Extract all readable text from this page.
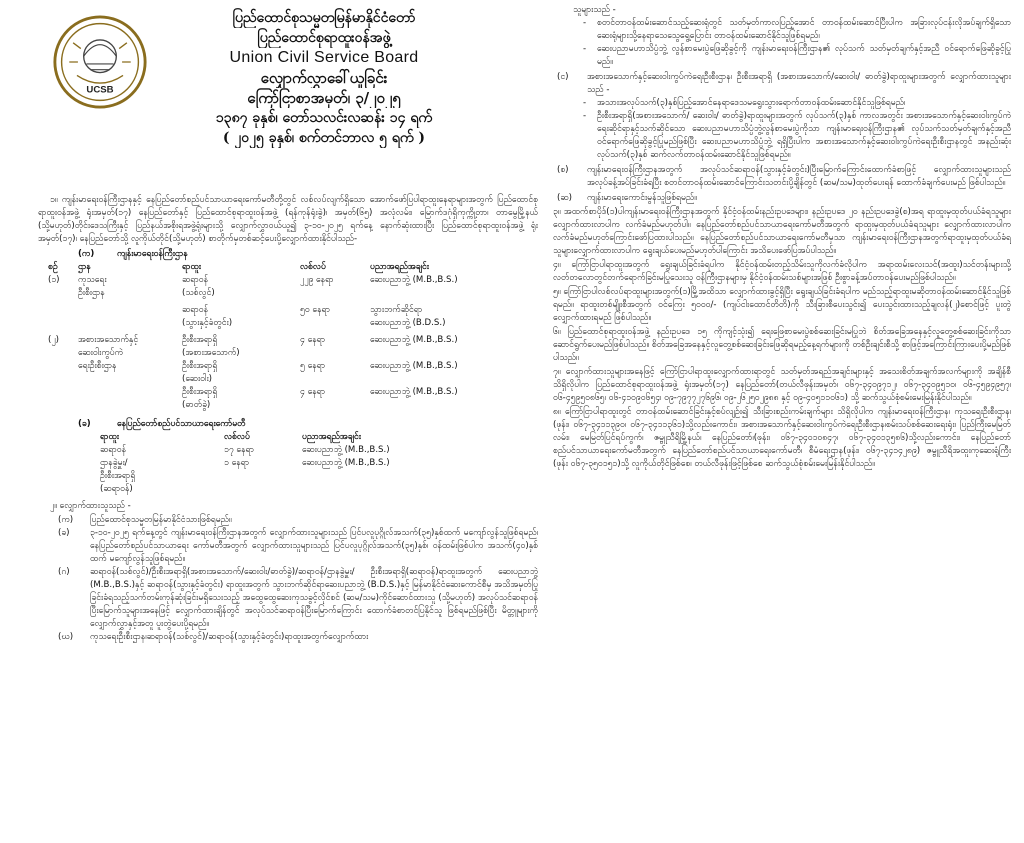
UCSB
ပြည်ထောင်စုသမ္မတမြန်မာနိုင်ငံတော်
ပြည်ထောင်စုရာထူးဝန်အဖွဲ့
Union Civil Service Board
လျှောက်လွှာခေါ်ယူခြင်း
ကြော်ငြာစာအမှတ်၊ ၃/၂၀၂၅
၁၃၈၇ ခုနှစ်၊ တော်သလင်းလဆန်း ၁၄ ရက်
( ၂၀၂၅ ခုနှစ်၊ စက်တင်ဘာလ ၅ ရက် )

၁။ ကျန်းမာရေးဝန်ကြီးဌာနနှင့် နေပြည်တော်စည်ပင်သာယာရေးကော်မတီတို့တွင် လစ်လပ်လျက်ရှိသော အောက်ဖော်ပြပါရာထူးနေရာများအတွက် ပြည်ထောင်စုရာထူးဝန်အဖွဲ့ ရုံးအမှတ်(၁၇) နေပြည်တော်နှင့် ပြည်ထောင်စုရာထူးဝန်အဖွဲ့ (ရန်ကုန်ရုံးခွဲ)၊ အမှတ်(၆၅) အလုံလမ်း၊ မြောက်ဒဂုံရှိကုက္ကို့တာ၊ တာမွေမြို့နယ် (သို့မဟုတ်)တိုင်းဒေသကြီးနှင့် ပြည်နယ်အစိုးရအဖွဲ့ရုံးများသို့ လျှောက်လွှာဝယ်ယူ၍ ၃-၁၀-၂၀၂၅ ရက်နေ့ နောက်ဆုံးထားပြီး ပြည်ထောင်စုရာထူးဝန်အဖွဲ့ ရုံးအမှတ်(၁၇)၊ နေပြည်တော်သို့ လူကိုယ်တိုင်(သို့မဟုတ်) စာတိုက်မှတစ်ဆင့်ပေးပို့လျှောက်ထားနိုင်ပါသည်-

(က)	ကျန်းမာရေးဝန်ကြီးဌာန
စဉ်	ဌာန	ရာထူး	လစ်လပ်	ပညာအရည်အချင်း
(၁)	ကုသရေး	ဆရာဝန်	၂၂၉ နေရာ	ဆေးပညာဘွဲ့ (M.B.,B.S.)
ဦးစီးဌာန	(သစ်လွင်)
ဆရာဝန်	၅၀ နေရာ	သွားဘက်ဆိုင်ရာ
(သွားနှင့်ခံတွင်း)	ဆေးပညာဘွဲ့ (B.D.S.)
(၂)	အစားအသောက်နှင့်	ဦးစီးအရာရှိ	၄ နေရာ	ဆေးပညာဘွဲ့ (M.B.,B.S.)
ဆေးဝါးကွပ်ကဲ	(အစားအသောက်)
ရေးဦးစီးဌာန	ဦးစီးအရာရှိ	၅ နေရာ	ဆေးပညာဘွဲ့ (M.B.,B.S.)
(ဆေးဝါး)
ဦးစီးအရာရှိ	၄ နေရာ	ဆေးပညာဘွဲ့ (M.B.,B.S.)
(ဓာတ်ခွဲ)
(ခ)	နေပြည်တော်စည်ပင်သာယာရေးကော်မတီ
ရာထူး	လစ်လပ်	ပညာအရည်အချင်း
ဆရာဝန်	၁၇ နေရာ	ဆေးပညာဘွဲ့ (M.B.,B.S.)
ဌာနခွဲမှူး/	၁ နေရာ	ဆေးပညာဘွဲ့ (M.B.,B.S.)
ဦးစီးအရာရှိ
(ဆရာဝန်)

၂။ လျှောက်ထားသူသည် -

(က)	ပြည်ထောင်စုသမ္မတမြန်မာနိုင်ငံသားဖြစ်ရမည်။
(ခ)	၃-၁၀-၂၀၂၅ ရက်နေ့တွင် ကျန်းမာရေးဝန်ကြီးဌာနအတွက် လျှောက်ထားသူများသည် ပြင်ပလူပုဂ္ဂိုလ်အသက်(၃၅)နှစ်ထက် မကျော်လွန်သူဖြစ်ရမည်၊ နေပြည်တော်စည်ပင်သာယာရေး ကော်မတီအတွက် လျှောက်ထားသူများသည် ပြင်ပလူပုဂ္ဂိုလ်အသက်(၃၅)နှစ်၊ ဝန်ထမ်းဖြစ်ပါက အသက်(၄၀)နှစ်ထက် မကျော်လွန်သူဖြစ်ရမည်။
(ဂ)	ဆရာဝန်(သစ်လွင်)/ဦးစီးအရာရှိ(အစားအသောက်/ဆေးဝါး/ဓာတ်ခွဲ)/ဆရာဝန်/ဌာနခွဲမှူး/ ဦးစီးအရာရှိ(ဆရာဝန်)ရာထူးအတွက် ဆေးပညာဘွဲ့ (M.B.,B.S.)နှင့် ဆရာဝန်(သွားနှင့်ခံတွင်း) ရာထူးအတွက် သွားဘက်ဆိုင်ရာဆေးပညာဘွဲ့ (B.D.S.)နှင့် မြန်မာနိုင်ငံဆေးကောင်စီမှ အသိအမှတ်ပြုခြင်းခံရသည့်သက်တမ်းကုန်ဆုံးခြင်းမရှိသေးသည့် အထွေထွေဆေးကုသခွင့်လိုင်စင် (ဆမ/သမ)ကိုင်ဆောင်ထားသူ (သို့မဟုတ်) အလုပ်သင်ဆရာဝန်ပြီးမြောက်သူများအနေဖြင့် လျှောက်ထားချိန်တွင် အလုပ်သင်ဆရာဝန်ပြီးမြောက်ကြောင်း ထောက်ခံစာတင်ပြနိုင်သူ ဖြစ်ရမည်ဖြစ်ပြီး မိတ္တူများကို လျှောက်လွှာနှင့်အတူ ပူးတွဲပေးပို့ရမည်။
(ဃ)	ကုသရေးဦးစီးဌာန၊ဆရာဝန်(သစ်လွင်)/ဆရာဝန်(သွားနှင့်ခံတွင်း)ရာထူးအတွက်လျှောက်ထား
သူများသည် -
-	စတင်တာဝန်ထမ်းဆောင်သည့်ဆေးရုံတွင် သတ်မှတ်ကာလပြည့်အောင် တာဝန်ထမ်းဆောင်ပြီးပါက အခြားလုပ်ငန်းလိုအပ်ချက်ရှိသောဆေးရုံများသို့နေရာသေသွေရွေ့ပြောင်း တာဝန်ထမ်းဆောင်နိုင်သူဖြစ်ရမည်၊
-	ဆေးပညာမဟာသိပ္ပံဘွဲ့ လွန်စာမေးပွဲဖြေဆိုခွင့်ကို ကျန်းမာရေးဝန်ကြီးဌာန၏ လုပ်သက် သတ်မှတ်ချက်နှင့်အညီ ဝင်ရောက်ဖြေဆိုခွင့်ပြုမည်။
(င)	အစားအသောက်နှင့်ဆေးဝါးကွပ်ကဲရေးဦးစီးဌာန၊ ဦးစီးအရာရှိ (အစားအသောက်/ဆေးဝါး/ ဓာတ်ခွဲ)ရာထူးများအတွက် လျှောက်ထားသူများသည် -
-	အသားအလုပ်သက်(၃)နှစ်ပြည့်အောင်နေရာဒေသမရွေးသွားရောက်တာဝန်ထမ်းဆောင်နိုင်သူဖြစ်ရမည်၊
-	ဦးစီးအရာရှိ(အစားအသောက်/ ဆေးဝါး/ ဓာတ်ခွဲ)ရာထူးများအတွက် လုပ်သက်(၃)နှစ် ကာလအတွင်း အစားအသောက်နှင့်ဆေးဝါးကွပ်ကဲရေးဆိုင်ရာနှင့်သက်ဆိုင်သော ဆေးပညာမဟာသိပ္ပံဘွဲ့လွန်စာမေးပွဲကိုသာ ကျန်းမာရေးဝန်ကြီးဌာန၏ လုပ်သက်သတ်မှတ်ချက်နှင့်အညီ ဝင်ရောက်ဖြေဆိုခွင့်ပြုမည်ဖြစ်ပြီး ဆေးပညာမဟာသိပ္ပံဘွဲ့ ရရှိပြီးပါက အစားအသောက်နှင့်ဆေးဝါးကွပ်ကဲရေးဦးစီးဌာနတွင် အနည်းဆုံးလုပ်သက်(၃)နှစ် ဆက်လက်တာဝန်ထမ်းဆောင်နိုင်သူဖြစ်ရမည်။
(စ)	ကျန်းမာရေးဝန်ကြီးဌာနအတွက် အလုပ်သင်ဆရာဝန်(သွားနှင့်ခံတွင်း)ပြီးမြောက်ကြောင်းထောက်ခံစာဖြင့် လျှောက်ထားသူများသည် အလုပ်ခန့်အပ်ခြင်းခံရပြီး စတင်တာဝန်ထမ်းဆောင်ကြောင်းသတင်းပို့ချိန်တွင် (ဆမ/သမ)ထုတ်ပေးရန် ထောက်ခံချက်ပေးမည် ဖြစ်ပါသည်။
(ဆ)	ကျန်းမာရေးကောင်းမွန်သူဖြစ်ရမည်။

၃။ အထက်စာပိုဒ်(၁)ပါကျန်းမာရေးဝန်ကြီးဌာနအတွက် နိုင်ငံ့ဝန်ထမ်းနည်းဥပဒေများ၊ နည်းဥပဒေ ၂၀ နည်းဥပဒေခွဲ(စ)အရ ရာထူးမှထုတ်ပယ်ခံရသူများလျှောက်ထားလာပါက လက်ခံမည်မဟုတ်ပါ။ နေပြည်တော်စည်ပင်သာယာရေးကော်မတီအတွက် ရာထူးမှထုတ်ပယ်ခံရသူများ လျှောက်ထားလာပါက လက်ခံမည်မဟုတ်ကြောင်းဖော်ပြထားပါသည်။ နေပြည်တော်စည်ပင်သာယာရေးကော်မတီမှသာ ကျန်းမာရေးဝန်ကြီးဌာနအတွက်ရာထူးမှထုတ်ပယ်ခံရသူများလျှောက်ထားလာပါက ရွေးချယ်ပေးမည်မဟုတ်ပါကြောင်း အသိပေးဖော်ပြအပ်ပါသည်။

၄။ ကြော်ငြာပါရာထူးအတွက် ရွေးချယ်ခြင်းခံရပါက နိုင်ငံ့ဝန်ထမ်းတည့်သိမ်းသူကိုလက်ခံလိုပါက အရာထမ်းလေးသင်(အထူး)သင်တန်းများသို့ လတ်တလောတွင်တက်ရောက်ခြင်းမပြုသေးသူ ဝန်ကြီးဌာနများမှ နိုင်ငံ့ဝန်ထမ်းသစ်များအဖြစ် ဦးစွာခန့်အပ်တာဝန်ပေးမည်ဖြစ်ပါသည်။

၅။ ကြော်ငြာပါလစ်လပ်ရာထူးများအတွက်(၁)မြို့အထိသာ လျှောက်ထားခွင့်ရှိပြီး ရွေးချယ်ခြင်းခံရပါက မည်သည့်ရာထူးမဆိုတာဝန်ထမ်းဆောင်နိုင်သူဖြစ်ရမည်။ ရာထူးတစ်မျိုးစီအတွက် ဝင်ကြေး ၅၀၀၀/- (ကျပ်ငါးထောင်တိတိ)ကို သီးခြားစီပေးသွင်း၍ ပေးသွင်းထားသည့်ချလန်(၂)စောင်ဖြင့် ပူးတွဲလျှောက်ထားရမည် ဖြစ်ပါသည်။

၆။ ပြည်ထောင်စုရာထူးဝန်အဖွဲ့ နည်းဥပဒေ ၁၅ ကိုကျင့်သုံး၍ ရေးဖြေစာမေးပွဲစစ်ဆေးခြင်းမပြုဘဲ စိတ်အခြေအနေနှင့်လူတွေ့စစ်ဆေးခြင်းကိုသာ ဆောင်ရွက်ပေးမည်ဖြစ်ပါသည်။ စိတ်အခြေအနေနှင့်လူတွေ့စစ်ဆေးခြင်းဖြေဆိုရမည့်နေ့ရက်များကို တစ်ဦးချင်းစီသို့ စာဖြင့်အကြောင်းကြားပေးပို့မည်ဖြစ်ပါသည်။

၇။ လျှောက်ထားသူများအနေဖြင့် ကြော်ငြာပါရာထူးလျှောက်ထားရာတွင် သတ်မှတ်အရည်အချင်းများနှင့် အသေးစိတ်အချက်အလက်များကို အချိန်စီသိရှိလိုပါက ပြည်ထောင်စုရာထူးဝန်အဖွဲ့ ရုံးအမှတ်(၁၇) နေပြည်တော်(တယ်လီဖုန်းအမှတ်၊ ၀၆၇-၃၄၀၉၇၁၂၊ ၀၆၇-၃၄၀၉၅၁၀၊ ၀၆-၄၅၉၄၉၅၇၊ ၀၆-၄၅၉၅၀၈၆၅၊ ၀၆-၄၁၀၉၀၆၅၄၊ ၀၉-၇၉၇၇၂၇၆၉၆၊ ၀၉-၂၆၂၅၀၂၉၈၈ နှင့် ၀၉-၄၀၅၁၁၀၆၁) သို့ ဆက်သွယ်စုံစမ်းမေးမြန်းနိုင်ပါသည်။

၈။ ကြော်ငြာပါရာထူးတွင် တာဝန်ထမ်းဆောင်ခြင်းနှင့်စပ်လျဉ်း၍ သီးခြားစည်းကမ်းချက်များ သိရှိလိုပါက ကျန်းမာရေးဝန်ကြီးဌာန၊ ကုသရေးဦးစီးဌာန၊ (ဖုန်း၊ ၀၆၇-၃၄၁၁၃၉၀၊ ၀၆၇-၃၄၁၁၃၆၁)သို့လည်းကောင်း၊ အစားအသောက်နှင့်ဆေးဝါးကွပ်ကဲရေးဦးစီးဌာန၊စမ်းသပ်စစ်ဆေးရေးရုံး၊ ပြည်ကြီးမေမြတ်လမ်း၊ မေမြတ်ပြင်ရပ်ကွက်၊ ဇမ္ဗူသီရိမြို့နယ်၊ နေပြည်တော်၊(ဖုန်း၊ ၀၆၇-၃၄၀၁၀၈၄၇၊ ၀၆၇-၃၄၀၁၃၅၈၆)သို့လည်းကောင်း၊ နေပြည်တော် စည်ပင်သာယာရေးကော်မတီအတွက် နေပြည်တော်စည်ပင်သာယာရေးကော်မတီ၊ စီမံရေးဌာန(ဖုန်း၊ ၀၆၇-၃၄၁၄၂၈၉) ဇမ္ဗူသီရိအထူးကုဆေးရုံကြီး (ဖုန်း ၀၆၇-၃၅၀၁၅၁)သို့ လူကိုယ်တိုင်ဖြစ်စေ၊ တယ်လီဖုန်းဖြင့်ဖြစ်စေ ဆက်သွယ်စုံစမ်းမေးမြန်းနိုင်ပါသည်။
